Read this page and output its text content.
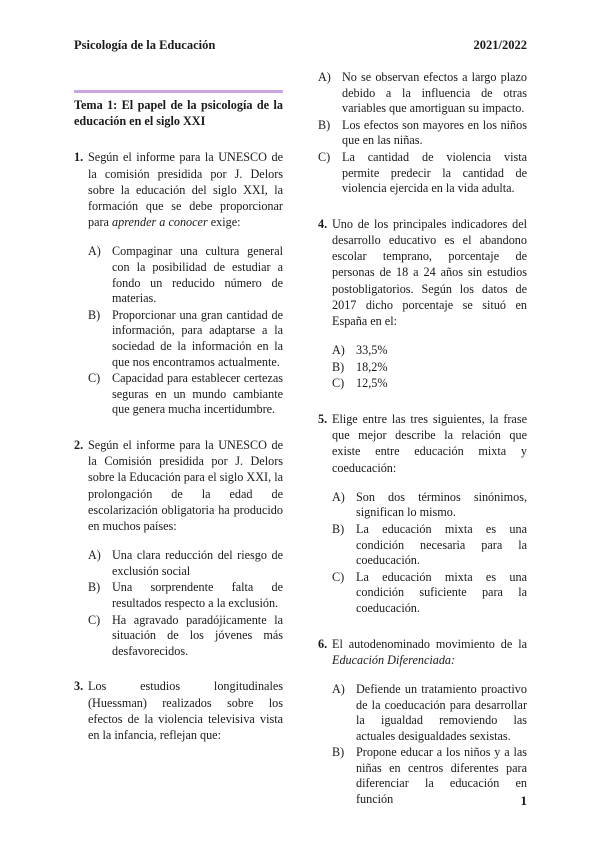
Psicología de la Educación	2021/2022
Tema 1: El papel de la psicología de la educación en el siglo XXI
1. Según el informe para la UNESCO de la comisión presidida por J. Delors sobre la educación del siglo XXI, la formación que se debe proporcionar para aprender a conocer exige:

A) Compaginar una cultura general con la posibilidad de estudiar a fondo un reducido número de materias.
B) Proporcionar una gran cantidad de información, para adaptarse a la sociedad de la información en la que nos encontramos actualmente.
C) Capacidad para establecer certezas seguras en un mundo cambiante que genera mucha incertidumbre.
2. Según el informe para la UNESCO de la Comisión presidida por J. Delors sobre la Educación para el siglo XXI, la prolongación de la edad de escolarización obligatoria ha producido en muchos países:

A) Una clara reducción del riesgo de exclusión social
B) Una sorprendente falta de resultados respecto a la exclusión.
C) Ha agravado paradójicamente la situación de los jóvenes más desfavorecidos.
3. Los estudios longitudinales (Huessman) realizados sobre los efectos de la violencia televisiva vista en la infancia, reflejan que:

A) No se observan efectos a largo plazo debido a la influencia de otras variables que amortiguan su impacto.
B) Los efectos son mayores en los niños que en las niñas.
C) La cantidad de violencia vista permite predecir la cantidad de violencia ejercida en la vida adulta.
4. Uno de los principales indicadores del desarrollo educativo es el abandono escolar temprano, porcentaje de personas de 18 a 24 años sin estudios postobligatorios. Según los datos de 2017 dicho porcentaje se situó en España en el:

A) 33,5%
B) 18,2%
C) 12,5%
5. Elige entre las tres siguientes, la frase que mejor describe la relación que existe entre educación mixta y coeducación:

A) Son dos términos sinónimos, significan lo mismo.
B) La educación mixta es una condición necesaria para la coeducación.
C) La educación mixta es una condición suficiente para la coeducación.
6. El autodenominado movimiento de la Educación Diferenciada:

A) Defiende un tratamiento proactivo de la coeducación para desarrollar la igualdad removiendo las actuales desigualdades sexistas.
B) Propone educar a los niños y a las niñas en centros diferentes para diferenciar la educación en función	1
